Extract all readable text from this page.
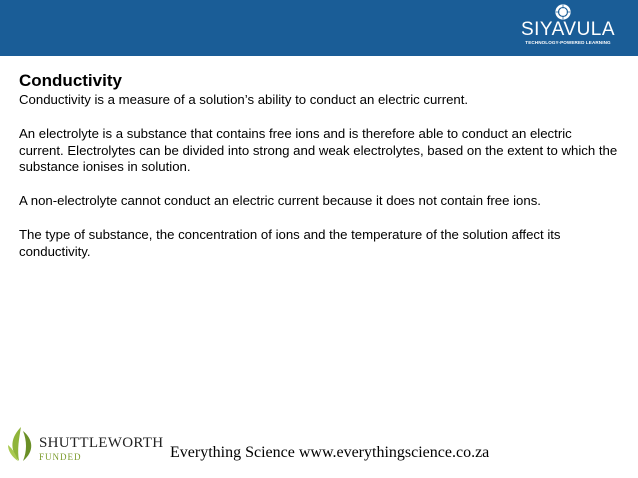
SIYAVULA
TECHNOLOGY-POWERED LEARNING
Conductivity

Conductivity is a measure of a solution’s ability to conduct an electric current.

An electrolyte is a substance that contains free ions and is therefore able to conduct an electric current. Electrolytes can be divided into strong and weak electrolytes, based on the extent to which the substance ionises in solution.

A non-electrolyte cannot conduct an electric current because it does not contain free ions.

The type of substance, the concentration of ions and the temperature of the solution affect its conductivity.

SHUTTLEWORTH
FUNDED	Everything Science www.everythingscience.co.za
